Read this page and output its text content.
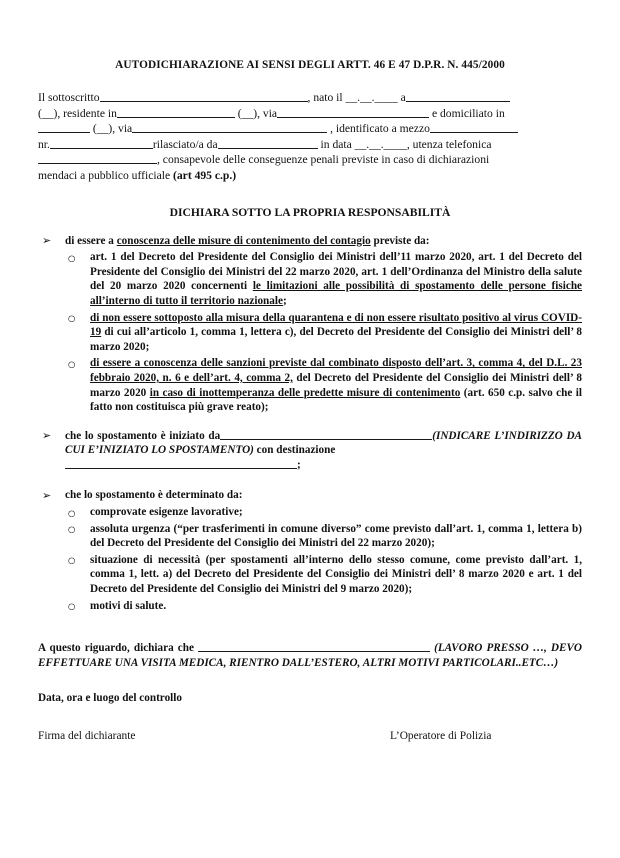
AUTODICHIARAZIONE AI SENSI DEGLI ARTT. 46 E 47 D.P.R. N. 445/2000
Il sottoscritto	, nato il __.__.____ a
(__), residente in	(__), via	e domiciliato in
(__), via	, identificato a mezzo
nr.	rilasciato/a da	in data __.__.____, utenza telefonica
, consapevole delle conseguenze penali previste in caso di dichiarazioni
mendaci a pubblico ufficiale (art 495 c.p.)
DICHIARA SOTTO LA PROPRIA RESPONSABILITÀ
➢ di essere a conoscenza delle misure di contenimento del contagio previste da:
○ art. 1 del Decreto del Presidente del Consiglio dei Ministri dell’11 marzo 2020, art. 1 del Decreto del Presidente del Consiglio dei Ministri del 22 marzo 2020, art. 1 dell’Ordinanza del Ministro della salute del 20 marzo 2020 concernenti le limitazioni alle possibilità di spostamento delle persone fisiche all’interno di tutto il territorio nazionale;
○ di non essere sottoposto alla misura della quarantena e di non essere risultato positivo al virus COVID-19 di cui all’articolo 1, comma 1, lettera c), del Decreto del Presidente del Consiglio dei Ministri dell’ 8 marzo 2020;
○ di essere a conoscenza delle sanzioni previste dal combinato disposto dell’art. 3, comma 4, del D.L. 23 febbraio 2020, n. 6 e dell’art. 4, comma 2, del Decreto del Presidente del Consiglio dei Ministri dell’ 8 marzo 2020 in caso di inottemperanza delle predette misure di contenimento (art. 650 c.p. salvo che il fatto non costituisca più grave reato);
➢ che lo spostamento è iniziato da	(INDICARE L’INDIRIZZO DA CUI E’INIZIATO LO SPOSTAMENTO) con destinazione
;
➢ che lo spostamento è determinato da:
○ comprovate esigenze lavorative;
○ assoluta urgenza (“per trasferimenti in comune diverso” come previsto dall’art. 1, comma 1, lettera b) del Decreto del Presidente del Consiglio dei Ministri del 22 marzo 2020);
○ situazione di necessità (per spostamenti all’interno dello stesso comune, come previsto dall’art. 1, comma 1, lett. a) del Decreto del Presidente del Consiglio dei Ministri dell’ 8 marzo 2020 e art. 1 del Decreto del Presidente del Consiglio dei Ministri del 9 marzo 2020);
○ motivi di salute.
A questo riguardo, dichiara che	(LAVORO PRESSO …, DEVO EFFETTUARE UNA VISITA MEDICA, RIENTRO DALL’ESTERO, ALTRI MOTIVI PARTICOLARI..ETC…)
Data, ora e luogo del controllo
Firma del dichiarante	L’Operatore di Polizia
